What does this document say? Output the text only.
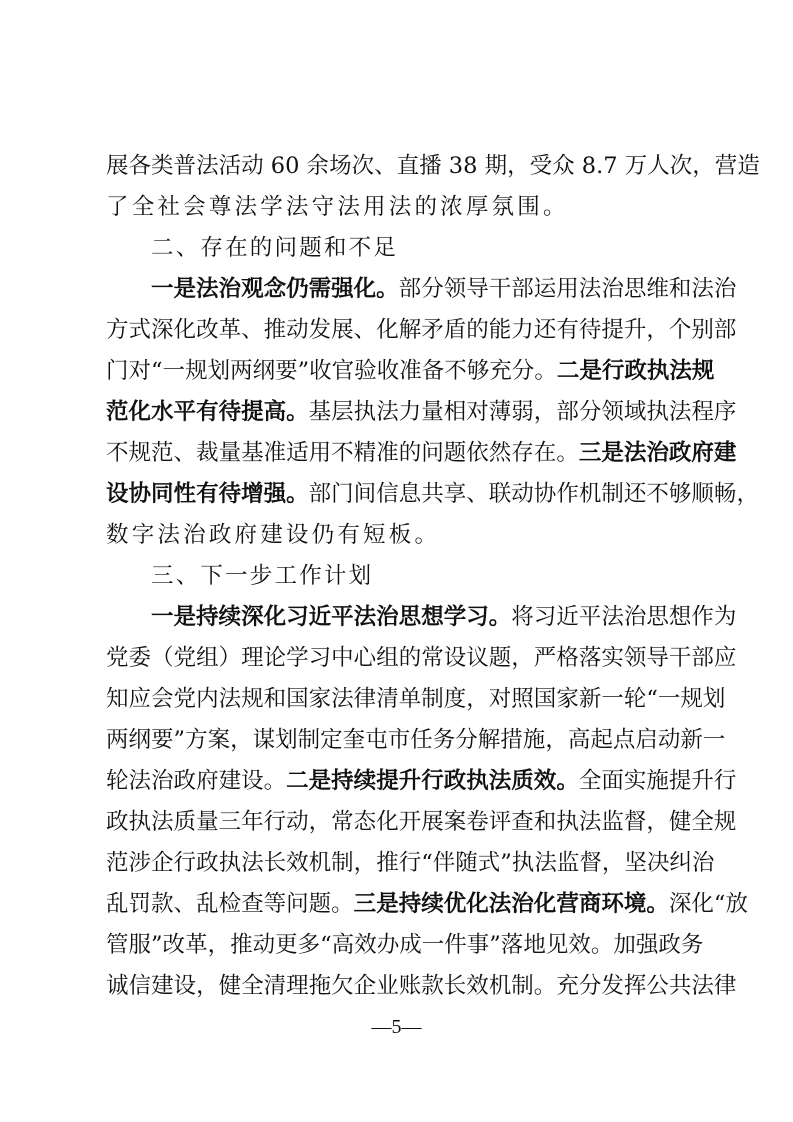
展 各 类 普 法 活 动 60 余 场 次 、 直 播 38 期 ， 受 众 8.7 万 人 次 ， 营 造
了 全 社 会 尊 法 学 法 守 法 用 法 的 浓 厚 氛 围 。
二、存在的问题和不足
一 是 法 治 观 念 仍 需 强 化 。 部 分 领 导 干 部 运 用 法 治 思 维 和 法 治
方 式 深 化 改 革 、 推 动 发 展 、 化 解 矛 盾 的 能 力 还 有 待 提 升 ， 个 别 部
门 对 “ 一 规 划 两 纲 要 ” 收 官 验 收 准 备 不 够 充 分 。 二 是 行 政 执 法 规
范 化 水 平 有 待 提 高 。 基 层 执 法 力 量 相 对 薄 弱 ， 部 分 领 域 执 法 程 序
不 规 范 、 裁 量 基 准 适 用 不 精 准 的 问 题 依 然 存 在 。 三 是 法 治 政 府 建
设 协 同 性 有 待 增 强 。 部 门 间 信 息 共 享 、 联 动 协 作 机 制 还 不 够 顺 畅 ，
数 字 法 治 政 府 建 设 仍 有 短 板 。
三、下一步工作计划
一 是 持 续 深 化 习 近 平 法 治 思 想 学 习 。 将 习 近 平 法 治 思 想 作 为
党 委 （ 党 组 ） 理 论 学 习 中 心 组 的 常 设 议 题 ， 严 格 落 实 领 导 干 部 应
知 应 会 党 内 法 规 和 国 家 法 律 清 单 制 度 ， 对 照 国 家 新 一 轮 “ 一 规 划
两 纲 要 ” 方 案 ， 谋 划 制 定 奎 屯 市 任 务 分 解 措 施 ， 高 起 点 启 动 新 一
轮 法 治 政 府 建 设 。 二 是 持 续 提 升 行 政 执 法 质 效 。 全 面 实 施 提 升 行
政 执 法 质 量 三 年 行 动 ， 常 态 化 开 展 案 卷 评 查 和 执 法 监 督 ， 健 全 规
范 涉 企 行 政 执 法 长 效 机 制 ， 推 行 “ 伴 随 式 ” 执 法 监 督 ， 坚 决 纠 治
乱 罚 款 、 乱 检 查 等 问 题 。 三 是 持 续 优 化 法 治 化 营 商 环 境 。 深 化 “ 放
管 服 ” 改 革 ， 推 动 更 多 “ 高 效 办 成 一 件 事 ” 落 地 见 效 。 加 强 政 务
诚 信 建 设 ， 健 全 清 理 拖 欠 企 业 账 款 长 效 机 制 。 充 分 发 挥 公 共 法 律
—5—
